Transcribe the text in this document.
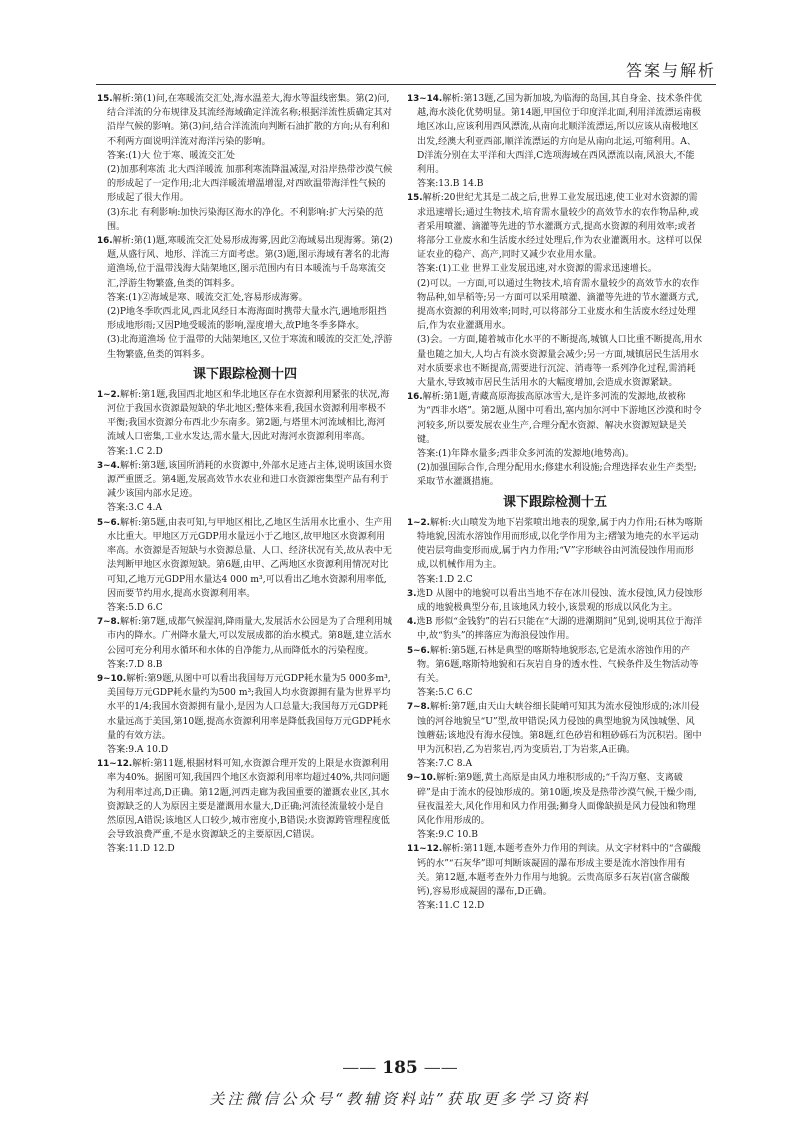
答案与解析
15.解析:第(1)问,在寒暖流交汇处,海水温差大,海水等温线密集。第(2)问,结合洋流的分布规律及其流经海域确定洋流名称;根据洋流性质确定其对沿岸气候的影响。第(3)问,结合洋流流向判断石油扩散的方向;从有利和不利两方面说明洋流对海洋污染的影响。
答案:(1)大 位于寒、暖流交汇处
(2)加那利寒流 北大西洋暖流 加那利寒流降温减湿,对沿岸热带沙漠气候的形成起了一定作用;北大西洋暖流增温增湿,对西欧温带海洋性气候的形成起了很大作用。
(3)东北 有利影响:加快污染海区海水的净化。不利影响:扩大污染的范围。
16.解析:第(1)题,寒暖流交汇处易形成海雾,因此②海域易出现海雾。第(2)题,从盛行风、地形、洋流三方面考虑。第(3)题,图示海域有著名的北海道渔场,位于温带浅海大陆架地区,图示范围内有日本暖流与千岛寒流交汇,浮游生物繁盛,鱼类的饵料多。
答案:(1)②海域是寒、暖流交汇处,容易形成海雾。
(2)P地冬季吹西北风,西北风经日本海海面时携带大量水汽,遇地形阻挡形成地形雨;又因P地受暖流的影响,湿度增大,故P地冬季多降水。
(3)北海道渔场 位于温带的大陆架地区,又位于寒流和暖流的交汇处,浮游生物繁盛,鱼类的饵料多。
课下跟踪检测十四
1~2.解析:第1题,我国西北地区和华北地区存在水资源利用紧张的状况,海河位于我国水资源最短缺的华北地区;整体来看,我国水资源利用率极不平衡;我国水资源分布西北少东南多。第2题,与塔里木河流域相比,海河流域人口密集,工业水发达,需水量大,因此对海河水资源利用率高。
答案:1.C 2.D
3~4.解析:第3题,该国所消耗的水资源中,外部水足迹占主体,说明该国水资源严重匮乏。第4题,发展高效节水农业和进口水资源密集型产品有利于减少该国内部水足迹。
答案:3.C 4.A
5~6.解析:第5题,由表可知,与甲地区相比,乙地区生活用水比重小、生产用水比重大。甲地区万元GDP用水量远小于乙地区,故甲地区水资源利用率高。水资源是否短缺与水资源总量、人口、经济状况有关,故从表中无法判断甲地区水资源短缺。第6题,由甲、乙两地区水资源利用情况对比可知,乙地万元GDP用水量达4 000 m³,可以看出乙地水资源利用率低,因而要节约用水,提高水资源利用率。
答案:5.D 6.C
7~8.解析:第7题,成都气候湿润,降雨量大,发展活水公园是为了合理利用城市内的降水。广州降水量大,可以发展成都的治水模式。第8题,建立活水公园可充分利用水循环和水体的自净能力,从而降低水的污染程度。
答案:7.D 8.B
9~10.解析:第9题,从图中可以看出我国每万元GDP耗水量为5 000多m³,美国每万元GDP耗水量约为500 m³;我国人均水资源拥有量为世界平均水平的1/4;我国水资源拥有量小,是因为人口总量大;我国每万元GDP耗水量远高于美国,第10题,提高水资源利用率是降低我国每万元GDP耗水量的有效方法。
答案:9.A 10.D
11~12.解析:第11题,根据材料可知,水资源合理开发的上限是水资源利用率为40%。据图可知,我国四个地区水资源利用率均超过40%,共同问题为利用率过高,D正确。第12题,河西走廊为我国重要的灌溉农业区,其水资源缺乏的人为原因主要是灌溉用水量大,D正确;河流径流量较小是自然原因,A错误;该地区人口较少,城市密度小,B错误;水资源跨管理程度低会导致浪费严重,不是水资源缺乏的主要原因,C错误。
答案:11.D 12.D
13~14.解析:第13题,乙国为新加坡,为临海的岛国,其自身金、技术条件优越,海水淡化优势明显。第14题,甲国位于印度洋北面,利用洋流漂运南极地区冰山,应该利用西风漂流,从南向北顺洋流漂运,所以应该从南极地区出发,经澳大利亚西部,顺洋流漂运的方向是从南向北运,可缩利用。A、D洋流分别在太平洋和大西洋,C选项海域在西风漂流以南,风浪大,不能利用。
答案:13.B 14.B
15.解析:20世纪尤其是二战之后,世界工业发展迅速,使工业对水资源的需求迅速增长;通过生物技术,培育需水量较少的高效节水的农作物品种,或者采用喷灌、滴灌等先进的节水灌溉方式,提高水资源的利用效率;或者将部分工业废水和生活废水经过处理后,作为农业灌溉用水。这样可以保证农业的稳产、高产,同时又减少农业用水量。
答案:(1)工业 世界工业发展迅速,对水资源的需求迅速增长。
(2)可以。一方面,可以通过生物技术,培育需水量较少的高效节水的农作物品种,如旱稻等;另一方面可以采用喷灌、滴灌等先进的节水灌溉方式,提高水资源的利用效率;同时,可以将部分工业废水和生活废水经过处理后,作为农业灌溉用水。
(3)会。一方面,随着城市化水平的不断提高,城镇人口比重不断提高,用水量也随之加大,人均占有淡水资源量会减少;另一方面,城镇居民生活用水对水质要求也不断提高,需要进行沉淀、消毒等一系列净化过程,需消耗大量水,导致城市居民生活用水的大幅度增加,会造成水资源紧缺。
16.解析:第1题,青藏高原海拔高原冰雪大,是许多河流的发源地,故被称为“西非水塔”。第2题,从图中可看出,塞内加尔河中下游地区沙漠和时令河较多,所以要发展农业生产,合理分配水资源、解决水资源短缺是关键。
答案:(1)年降水量多;西非众多河流的发源地(地势高)。
(2)加强国际合作,合理分配用水;修建水利设施;合理选择农业生产类型;采取节水灌溉措施。
课下跟踪检测十五
1~2.解析:火山喷发为地下岩浆喷出地表的现象,属于内力作用;石林为喀斯特地貌,因流水溶蚀作用而形成,以化学作用为主;褶皱为地壳的水平运动使岩层弯曲变形而成,属于内力作用;“V”字形峡谷由河流侵蚀作用而形成,以机械作用为主。
答案:1.D 2.C
3.选D 从图中的地貌可以看出当地不存在冰川侵蚀、流水侵蚀,风力侵蚀形成的地貌极典型分布,且该地风力较小,该景观的形成以风化为主。
4.选B 形似“金钱豹”的岩石只能在“大湖的进潮期间”见到,说明其位于海洋中,故“豹头”的摔落应为海浪侵蚀作用。
5~6.解析:第5题,石林是典型的喀斯特地貌形态,它是流水溶蚀作用的产物。第6题,喀斯特地貌和石灰岩自身的透水性、气候条件及生物活动等有关。
答案:5.C 6.C
7~8.解析:第7题,由天山大峡谷细长陡峭可知其为流水侵蚀形成的;冰川侵蚀的河谷地貌呈“U”型,故甲错误;风力侵蚀的典型地貌为风蚀城堡、风蚀蘑菇;该地没有海水侵蚀。第8题,红色砂岩和粗砂砾石为沉积岩。图中甲为沉积岩,乙为岩浆岩,丙为变质岩,丁为岩浆,A正确。
答案:7.C 8.A
9~10.解析:第9题,黄土高原是由风力堆积形成的;“千沟万壑、支离破碎”是由于流水的侵蚀形成的。第10题,埃及是热带沙漠气候,干燥少雨,昼夜温差大,风化作用和风力作用强;狮身人面像缺损是风力侵蚀和物理风化作用形成的。
答案:9.C 10.B
11~12.解析:第11题,本题考查外力作用的判读。从文字材料中的“含碳酸钙的水”“石灰华”即可判断该凝固的瀑布形成主要是流水溶蚀作用有关。第12题,本题考查外力作用与地貌。云贵高原多石灰岩(富含碳酸钙),容易形成凝固的瀑布,D正确。
答案:11.C 12.D
—— 185 ——
关注微信公众号“教辅资料站”获取更多学习资料
